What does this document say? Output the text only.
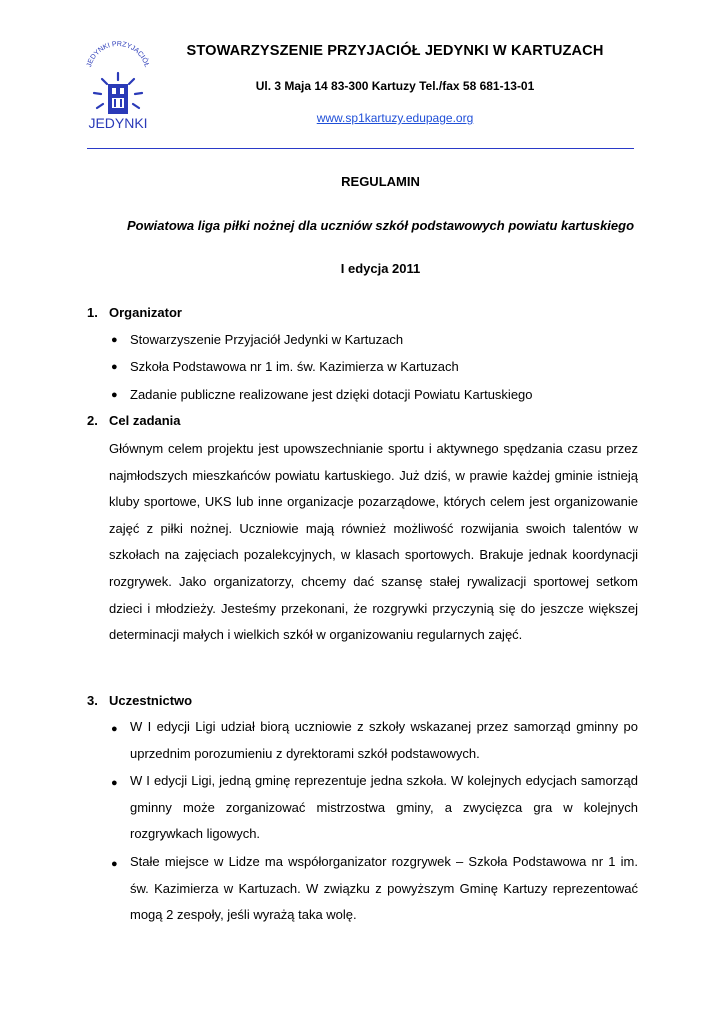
JEDYNKI PRZYJACIÓŁ
JEDYNKI
STOWARZYSZENIE PRZYJACIÓŁ JEDYNKI W KARTUZACH
Ul. 3 Maja 14 83-300 Kartuzy Tel./fax 58 681-13-01
www.sp1kartuzy.edupage.org
REGULAMIN
Powiatowa liga piłki nożnej dla uczniów szkół podstawowych powiatu kartuskiego
I edycja 2011
1. Organizator
● Stowarzyszenie Przyjaciół Jedynki w Kartuzach
● Szkoła Podstawowa nr 1 im. św. Kazimierza w Kartuzach
● Zadanie publiczne realizowane jest dzięki dotacji Powiatu Kartuskiego
2. Cel zadania
Głównym celem projektu jest upowszechnianie sportu i aktywnego spędzania czasu przez najmłodszych mieszkańców powiatu kartuskiego. Już dziś, w prawie każdej gminie istnieją kluby sportowe, UKS lub inne organizacje pozarządowe, których celem jest organizowanie zajęć z piłki nożnej. Uczniowie mają również możliwość rozwijania swoich talentów w szkołach na zajęciach pozalekcyjnych, w klasach sportowych. Brakuje jednak koordynacji rozgrywek. Jako organizatorzy, chcemy dać szansę stałej rywalizacji sportowej setkom dzieci i młodzieży. Jesteśmy przekonani, że rozgrywki przyczynią się do jeszcze większej determinacji małych i wielkich szkół w organizowaniu regularnych zajęć.
3. Uczestnictwo
● W I edycji Ligi udział biorą uczniowie z szkoły wskazanej przez samorząd gminny po uprzednim porozumieniu z dyrektorami szkół podstawowych.
● W I edycji Ligi, jedną gminę reprezentuje jedna szkoła. W kolejnych edycjach samorząd gminny może zorganizować mistrzostwa gminy, a zwycięzca gra w kolejnych rozgrywkach ligowych.
● Stałe miejsce w Lidze ma współorganizator rozgrywek – Szkoła Podstawowa nr 1 im. św. Kazimierza w Kartuzach. W związku z powyższym Gminę Kartuzy reprezentować mogą 2 zespoły, jeśli wyrażą taka wolę.
